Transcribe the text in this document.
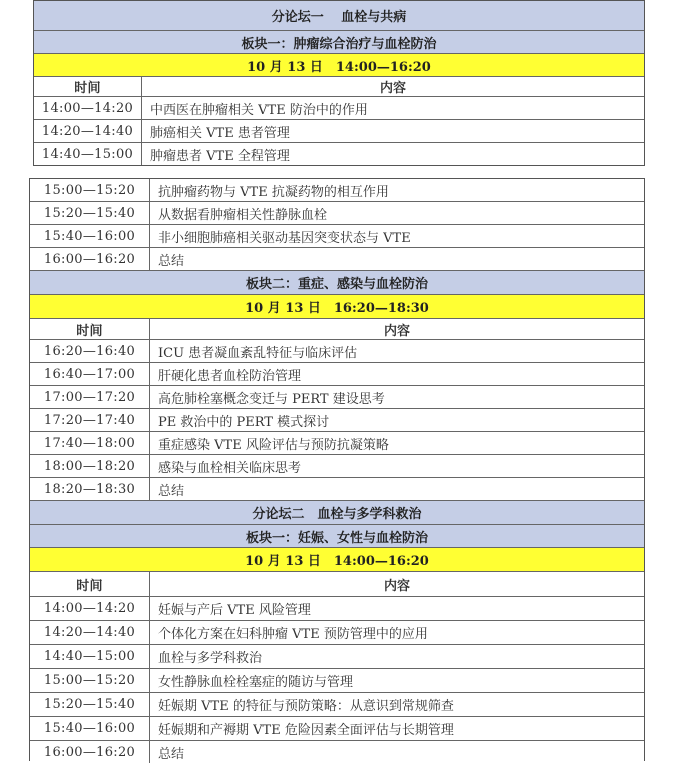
分论坛一　 血栓与共病
板块一：肿瘤综合治疗与血栓防治
10 月 13 日　14:00—16:20
时间	内容
14:00—14:20	中西医在肿瘤相关 VTE 防治中的作用
14:20—14:40	肺癌相关 VTE 患者管理
14:40—15:00	肿瘤患者 VTE 全程管理
15:00—15:20	抗肿瘤药物与 VTE 抗凝药物的相互作用
15:20—15:40	从数据看肿瘤相关性静脉血栓
15:40—16:00	非小细胞肺癌相关驱动基因突变状态与 VTE
16:00—16:20	总结
板块二：重症、感染与血栓防治
10 月 13 日　16:20—18:30
时间	内容
16:20—16:40	ICU 患者凝血紊乱特征与临床评估
16:40—17:00	肝硬化患者血栓防治管理
17:00—17:20	高危肺栓塞概念变迁与 PERT 建设思考
17:20—17:40	PE 救治中的 PERT 模式探讨
17:40—18:00	重症感染 VTE 风险评估与预防抗凝策略
18:00—18:20	感染与血栓相关临床思考
18:20—18:30	总结
分论坛二　血栓与多学科救治
板块一：妊娠、女性与血栓防治
10 月 13 日　14:00—16:20
时间	内容
14:00—14:20	妊娠与产后 VTE 风险管理
14:20—14:40	个体化方案在妇科肿瘤 VTE 预防管理中的应用
14:40—15:00	血栓与多学科救治
15:00—15:20	女性静脉血栓栓塞症的随访与管理
15:20—15:40	妊娠期 VTE 的特征与预防策略：从意识到常规筛查
15:40—16:00	妊娠期和产褥期 VTE 危险因素全面评估与长期管理
16:00—16:20	总结
